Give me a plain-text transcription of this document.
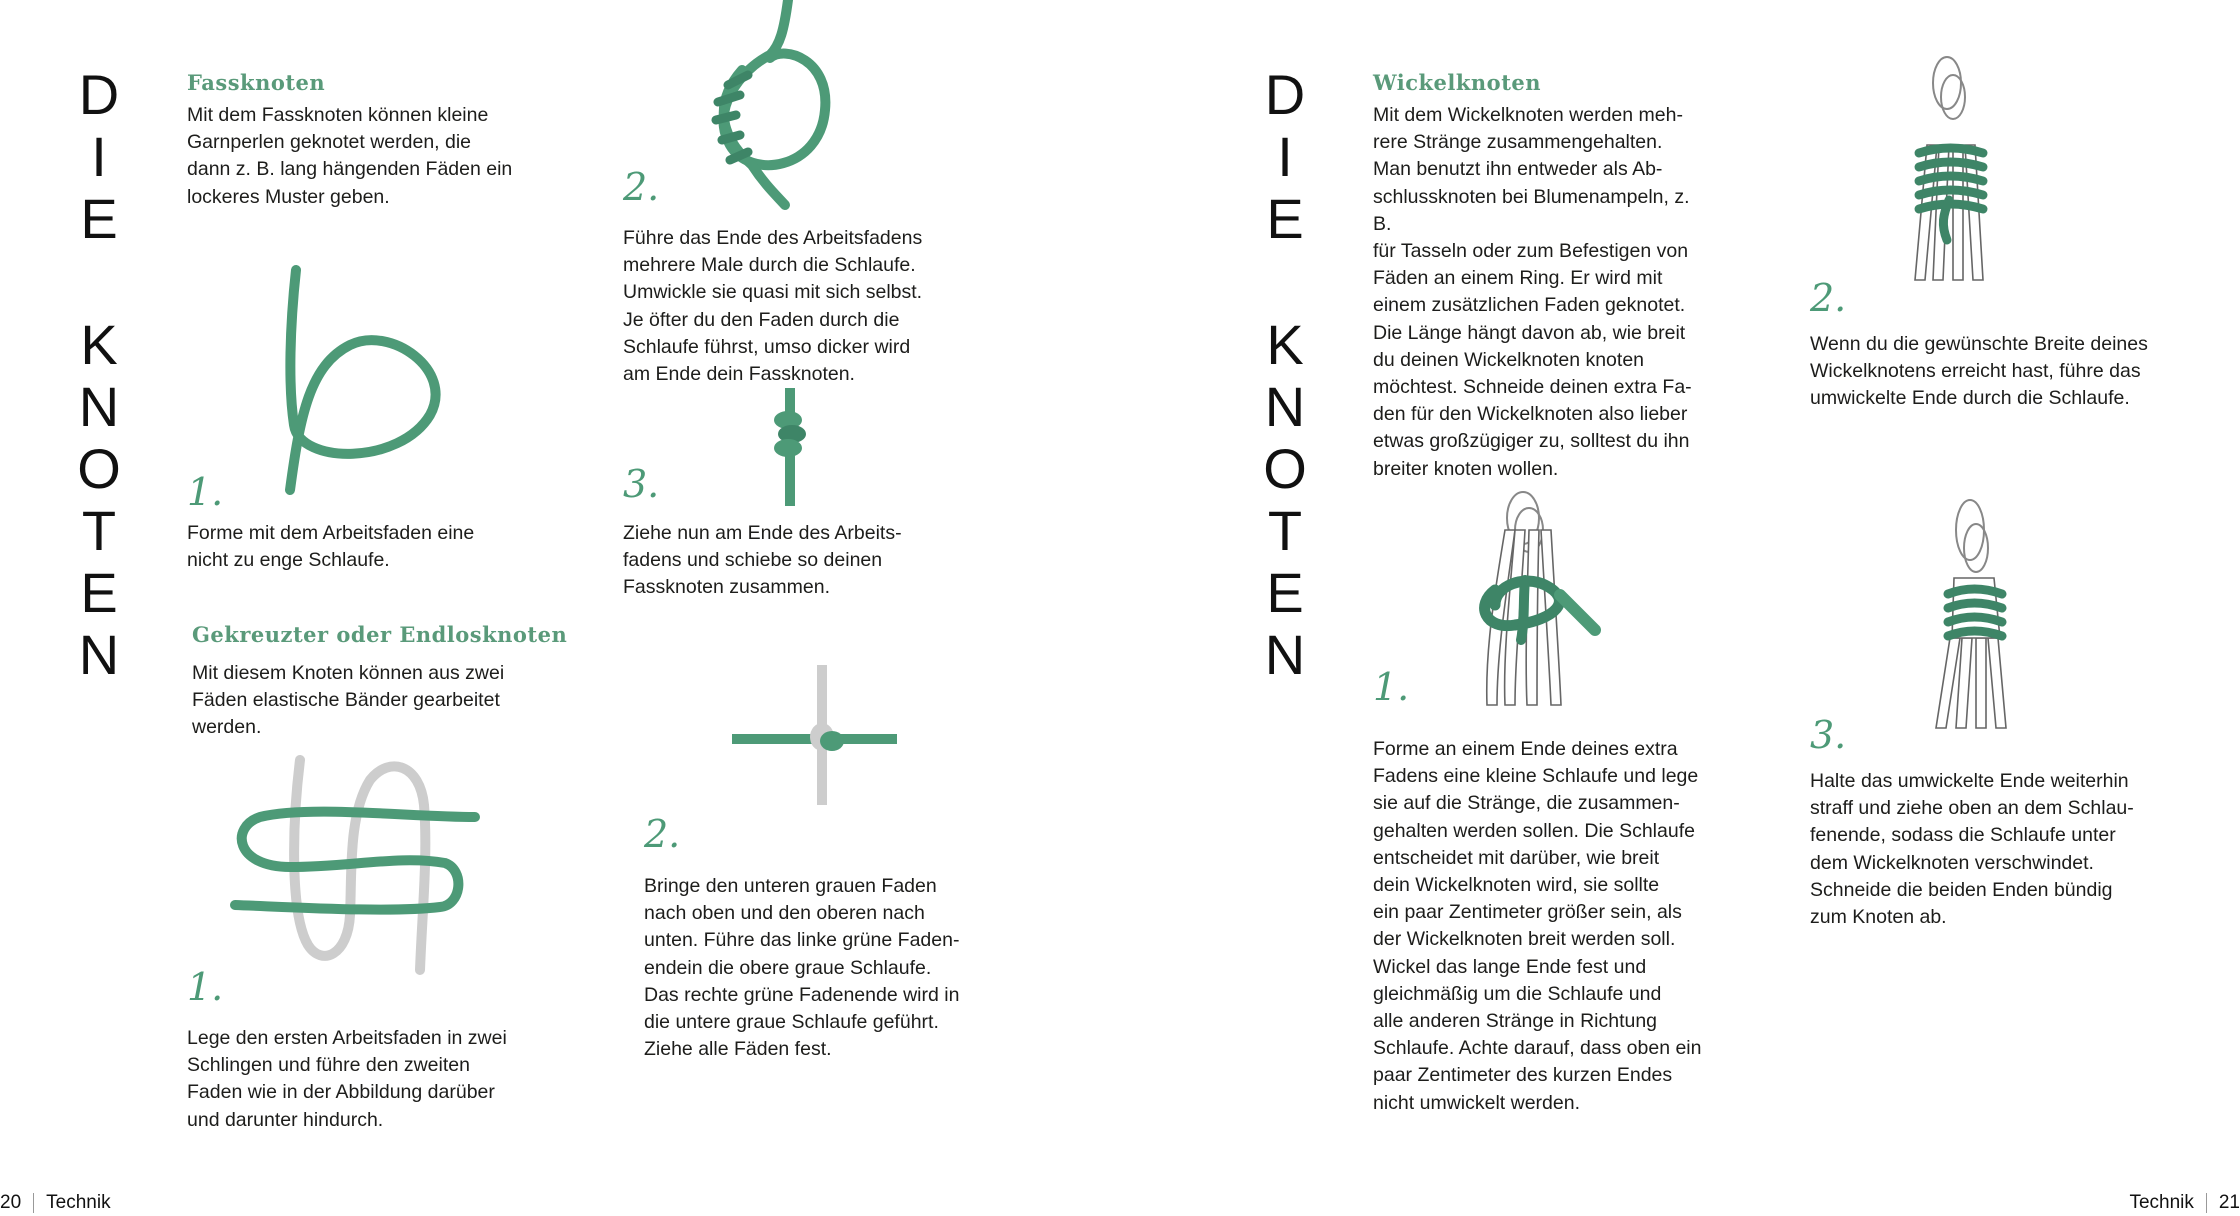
D
I
E
K
N
O
T
E
N
Fassknoten

Mit dem Fassknoten können kleine
Garnperlen geknotet werden, die
dann z. B. lang hängenden Fäden ein
lockeres Muster geben.

1.

Forme mit dem Arbeitsfaden eine
nicht zu enge Schlaufe.

2.

Führe das Ende des Arbeitsfadens
mehrere Male durch die Schlaufe.
Umwickle sie quasi mit sich selbst.
Je öfter du den Faden durch die
Schlaufe führst, umso dicker wird
am Ende dein Fassknoten.

3.

Ziehe nun am Ende des Arbeits-
fadens und schiebe so deinen
Fassknoten zusammen.

Gekreuzter oder Endlosknoten

Mit diesem Knoten können aus zwei
Fäden elastische Bänder gearbeitet
werden.

1.

Lege den ersten Arbeitsfaden in zwei
Schlingen und führe den zweiten
Faden wie in der Abbildung darüber
und darunter hindurch.

2.

Bringe den unteren grauen Faden
nach oben und den oberen nach
unten. Führe das linke grüne Faden-
endein die obere graue Schlaufe.
Das rechte grüne Fadenende wird in
die untere graue Schlaufe geführt.
Ziehe alle Fäden fest.

20 Technik
D
I
E
K
N
O
T
E
N
Wickelknoten

Mit dem Wickelknoten werden meh-
rere Stränge zusammengehalten.
Man benutzt ihn entweder als Ab-
schlussknoten bei Blumenampeln, z. B.
für Tasseln oder zum Befestigen von
Fäden an einem Ring. Er wird mit
einem zusätzlichen Faden geknotet.
Die Länge hängt davon ab, wie breit
du deinen Wickelknoten knoten
möchtest. Schneide deinen extra Fa-
den für den Wickelknoten also lieber
etwas großzügiger zu, solltest du ihn
breiter knoten wollen.

1.

Forme an einem Ende deines extra
Fadens eine kleine Schlaufe und lege
sie auf die Stränge, die zusammen-
gehalten werden sollen. Die Schlaufe
entscheidet mit darüber, wie breit
dein Wickelknoten wird, sie sollte
ein paar Zentimeter größer sein, als
der Wickelknoten breit werden soll.
Wickel das lange Ende fest und
gleichmäßig um die Schlaufe und
alle anderen Stränge in Richtung
Schlaufe. Achte darauf, dass oben ein
paar Zentimeter des kurzen Endes
nicht umwickelt werden.

2.

Wenn du die gewünschte Breite deines
Wickelknotens erreicht hast, führe das
umwickelte Ende durch die Schlaufe.

3.

Halte das umwickelte Ende weiterhin
straff und ziehe oben an dem Schlau-
fenende, sodass die Schlaufe unter
dem Wickelknoten verschwindet.
Schneide die beiden Enden bündig
zum Knoten ab.

Technik 21
